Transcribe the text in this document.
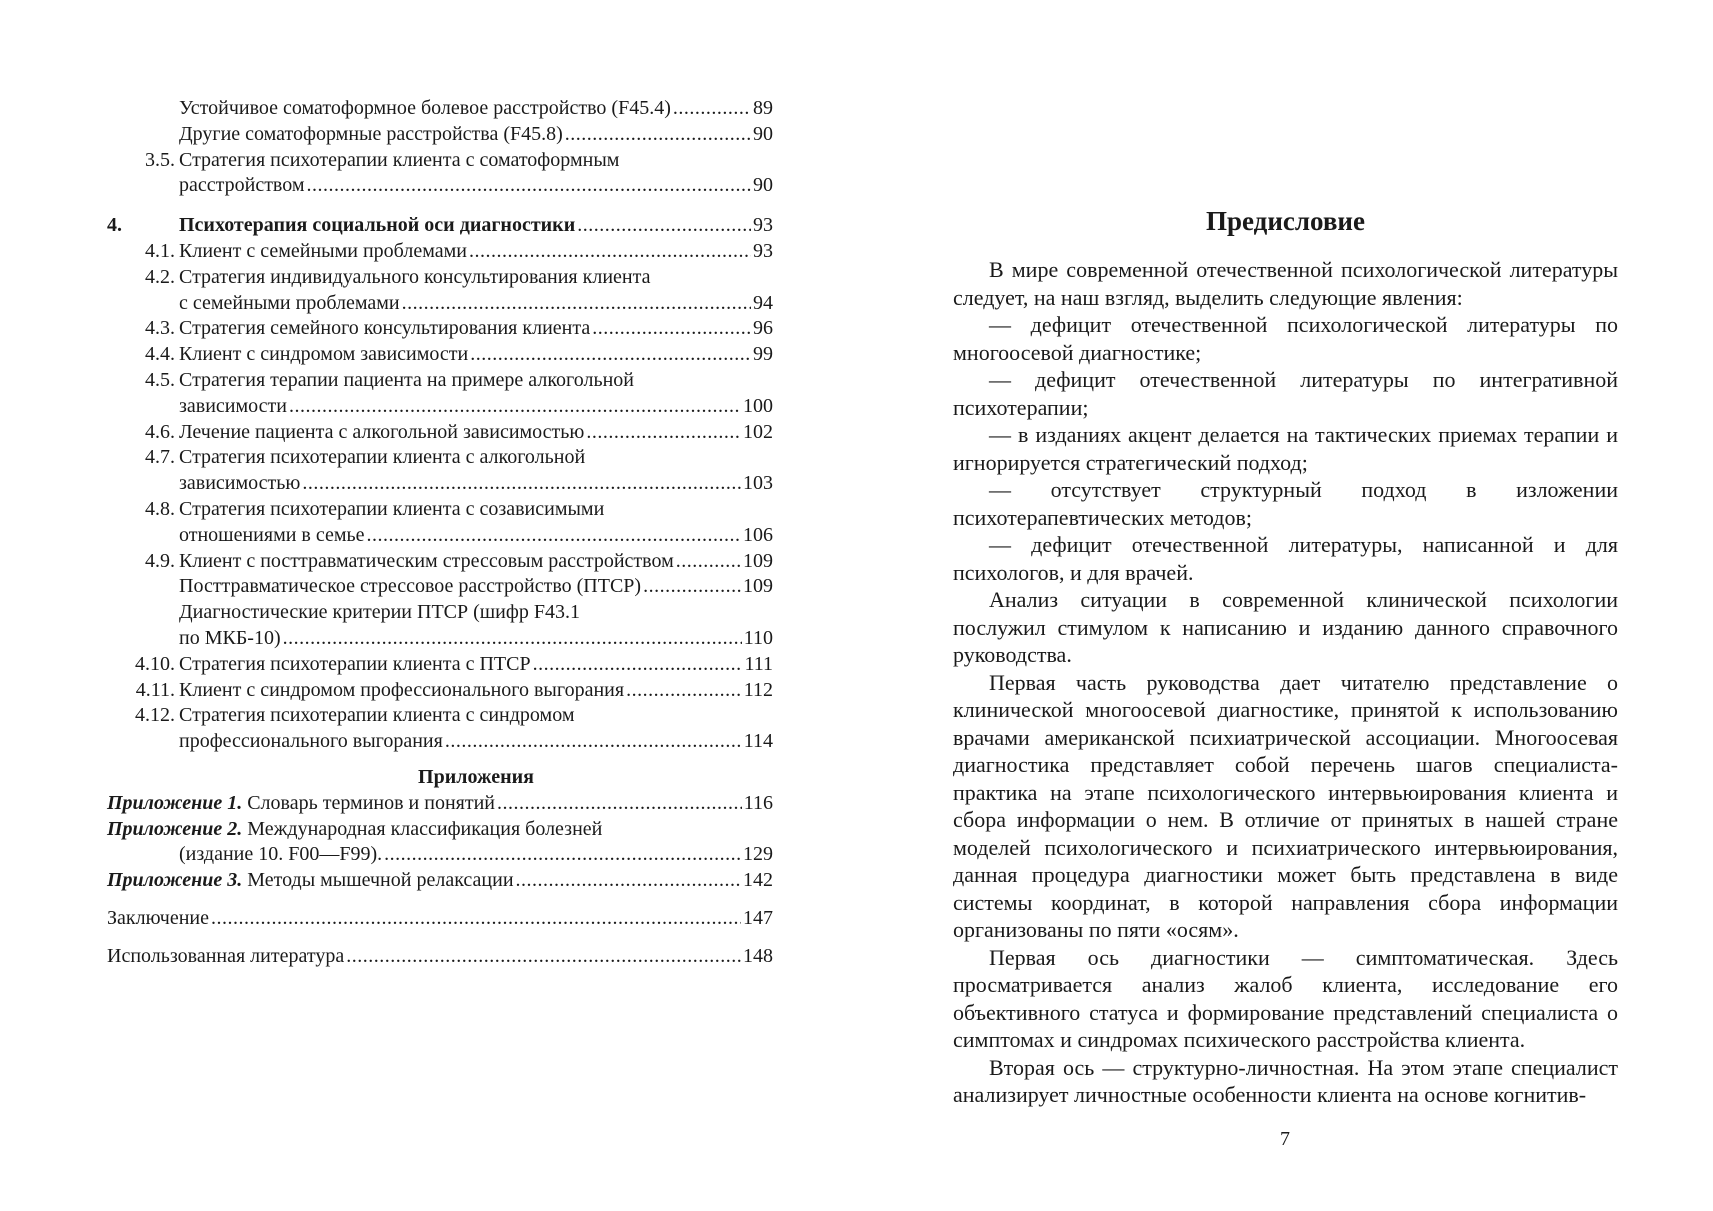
Устойчивое соматоформное болевое расстройство (F45.4) .....	89
Другие соматоформные расстройства (F45.8) .....	90
3.5. Стратегия психотерапии клиента с соматоформным
расстройством .....	90
4.	Психотерапия социальной оси диагностики .....	93
4.1. Клиент с семейными проблемами .....	93
4.2. Стратегия индивидуального консультирования клиента
с семейными проблемами .....	94
4.3. Стратегия семейного консультирования клиента .....	96
4.4. Клиент с синдромом зависимости .....	99
4.5. Стратегия терапии пациента на примере алкогольной
зависимости .....	100
4.6. Лечение пациента с алкогольной зависимостью .....	102
4.7. Стратегия психотерапии клиента с алкогольной
зависимостью .....	103
4.8. Стратегия психотерапии клиента с созависимыми
отношениями в семье .....	106
4.9. Клиент с посттравматическим стрессовым расстройством .....	109
Посттравматическое стрессовое расстройство (ПТСР) .....	109
Диагностические критерии ПТСР (шифр F43.1
по МКБ-10) .....	110
4.10. Стратегия психотерапии клиента с ПТСР .....	111
4.11. Клиент с синдромом профессионального выгорания .....	112
4.12. Стратегия психотерапии клиента с синдромом
профессионального выгорания .....	114
Приложения
Приложение 1. Словарь терминов и понятий .....	116
Приложение 2. Международная классификация болезней
(издание 10. F00—F99). .....	129
Приложение 3. Методы мышечной релаксации .....	142
Заключение .....	147
Использованная литература .....	148
Предисловие

В мире современной отечественной психологической литературы следует, на наш взгляд, выделить следующие явления:

— дефицит отечественной психологической литературы по многоосевой диагностике;

— дефицит отечественной литературы по интегративной психотерапии;

— в изданиях акцент делается на тактических приемах терапии и игнорируется стратегический подход;

— отсутствует структурный подход в изложении психотерапевтических методов;

— дефицит отечественной литературы, написанной и для психологов, и для врачей.

Анализ ситуации в современной клинической психологии послужил стимулом к написанию и изданию данного справочного руководства.

Первая часть руководства дает читателю представление о клинической многоосевой диагностике, принятой к использованию врачами американской психиатрической ассоциации. Многоосевая диагностика представляет собой перечень шагов специалиста-практика на этапе психологического интервьюирования клиента и сбора информации о нем. В отличие от принятых в нашей стране моделей психологического и психиатрического интервьюирования, данная процедура диагностики может быть представлена в виде системы координат, в которой направления сбора информации организованы по пяти «осям».

Первая ось диагностики — симптоматическая. Здесь просматривается анализ жалоб клиента, исследование его объективного статуса и формирование представлений специалиста о симптомах и синдромах психического расстройства клиента.

Вторая ось — структурно-личностная. На этом этапе специалист анализирует личностные особенности клиента на основе когнитив-

7
